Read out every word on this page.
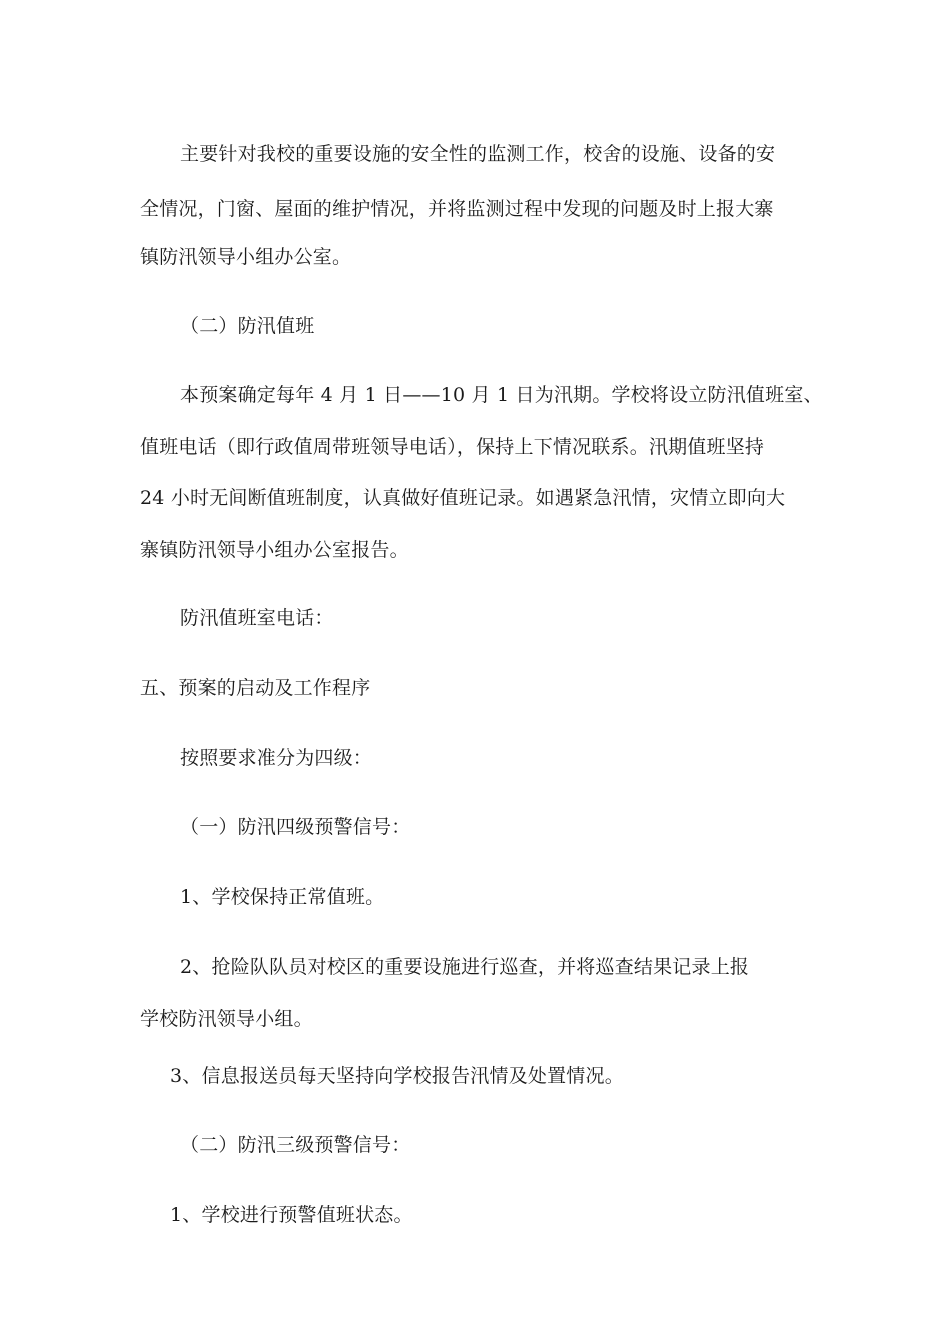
主要针对我校的重要设施的安全性的监测工作，校舍的设施、设备的安
全情况，门窗、屋面的维护情况，并将监测过程中发现的问题及时上报大寨
镇防汛领导小组办公室。
（二）防汛值班
本预案确定每年 4 月 1 日——10 月 1 日为汛期。学校将设立防汛值班室、
值班电话（即行政值周带班领导电话），保持上下情况联系。汛期值班坚持
24 小时无间断值班制度，认真做好值班记录。如遇紧急汛情，灾情立即向大
寨镇防汛领导小组办公室报告。
防汛值班室电话：
五、预案的启动及工作程序
按照要求准分为四级：
（一）防汛四级预警信号：
1、学校保持正常值班。
2、抢险队队员对校区的重要设施进行巡查，并将巡查结果记录上报
学校防汛领导小组。
3、信息报送员每天坚持向学校报告汛情及处置情况。
（二）防汛三级预警信号：
1、学校进行预警值班状态。
